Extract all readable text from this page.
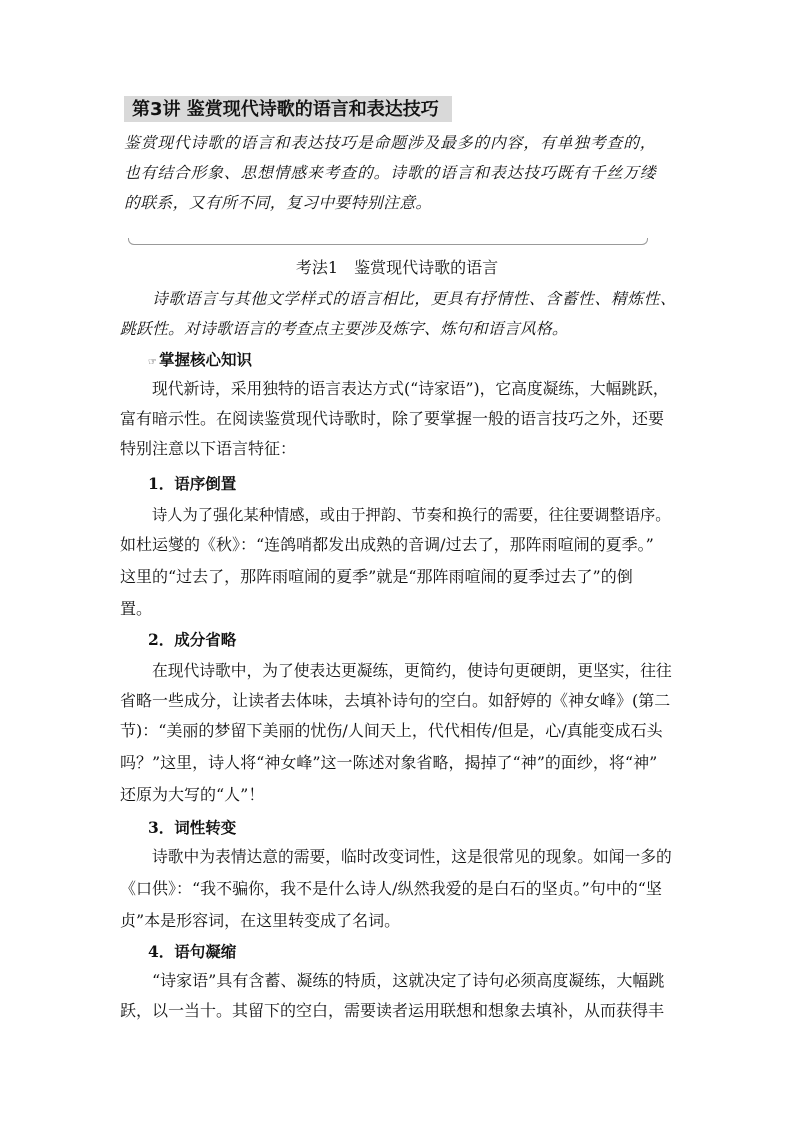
第3讲 鉴赏现代诗歌的语言和表达技巧
鉴赏现代诗歌的语言和表达技巧是命题涉及最多的内容，有单独考查的，也有结合形象、思想情感来考查的。诗歌的语言和表达技巧既有千丝万缕的联系，又有所不同，复习中要特别注意。
考法1　鉴赏现代诗歌的语言
诗歌语言与其他文学样式的语言相比，更具有抒情性、含蓄性、精炼性、跳跃性。对诗歌语言的考查点主要涉及炼字、炼句和语言风格。
☞ 掌握核心知识
现代新诗，采用独特的语言表达方式(“诗家语”)，它高度凝练，大幅跳跃，
富有暗示性。在阅读鉴赏现代诗歌时，除了要掌握一般的语言技巧之外，还要
特别注意以下语言特征：
1．语序倒置
诗人为了强化某种情感，或由于押韵、节奏和换行的需要，往往要调整语序。
如杜运燮的《秋》：“连鸽哨都发出成熟的音调/过去了，那阵雨喧闹的夏季。”
这里的“过去了，那阵雨喧闹的夏季”就是“那阵雨喧闹的夏季过去了”的倒
置。
2．成分省略
在现代诗歌中，为了使表达更凝练，更简约，使诗句更硬朗，更坚实，往往
省略一些成分，让读者去体味，去填补诗句的空白。如舒婷的《神女峰》(第二
节)：“美丽的梦留下美丽的忧伤/人间天上，代代相传/但是，心/真能变成石头
吗？”这里，诗人将“神女峰”这一陈述对象省略，揭掉了“神”的面纱，将“神”
还原为大写的“人”！
3．词性转变
诗歌中为表情达意的需要，临时改变词性，这是很常见的现象。如闻一多的
《口供》：“我不骗你，我不是什么诗人/纵然我爱的是白石的坚贞。”句中的“坚
贞”本是形容词，在这里转变成了名词。
4．语句凝缩
“诗家语”具有含蓄、凝练的特质，这就决定了诗句必须高度凝练，大幅跳
跃，以一当十。其留下的空白，需要读者运用联想和想象去填补，从而获得丰
